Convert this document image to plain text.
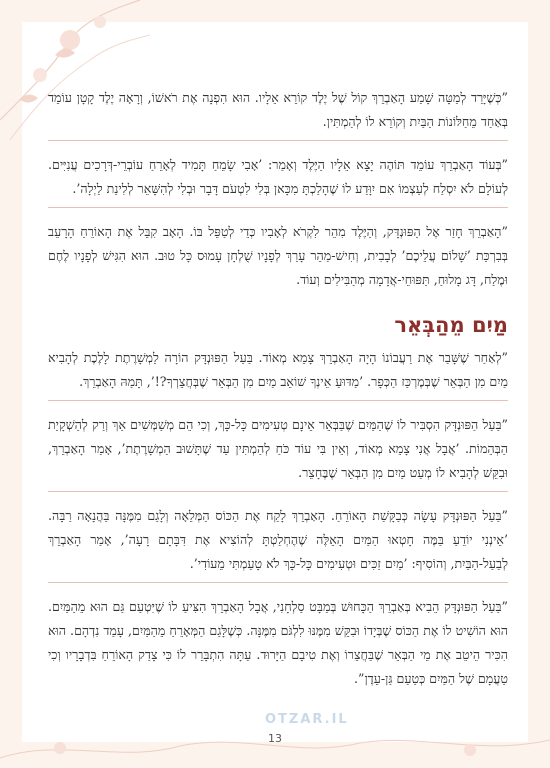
”כְּשֶׁיָּרַד לְמַטָּה שָׁמַע הָאַבְרֵךְ קוֹל שֶׁל יֶלֶד קוֹרֵא אֵלָיו. הוּא הִפְנָה אֶת רֹאשׁוֹ, וְרָאָה יֶלֶד קָטָן עוֹמֵד בְּאַחַד מֵחַלּוֹנוֹת הַבַּיִת וְקוֹרֵא לוֹ לְהַמְתִּין.

”בְּעוֹד הָאַבְרֵךְ עוֹמֵד תּוֹהֶה יָצָא אֵלָיו הַיֶּלֶד וְאָמַר: ’אָבִי שָׂמֵחַ תָּמִיד לְאָרֵחַ עוֹבְרֵי-דְּרָכִים עֲנִיִּים. לְעוֹלָם לֹא יִסְלַח לְעַצְמוֹ אִם יִוָּדַע לוֹ שֶׁהָלַכְתָּ מִכָּאן בְּלִי לִטְעֹם דָּבָר וּבְלִי לְהִשָּׁאֵר לְלִינַת לַיְלָה’.

”הָאַבְרֵךְ חָזַר אֶל הַפּוּנְדָּק, וְהַיֶּלֶד מִהֵר לִקְרֹא לְאָבִיו כְּדֵי לְטַפֵּל בּוֹ. הָאָב קִבֵּל אֶת הָאוֹרֵחַ הָרָעֵב בְּבִרְכַּת ’שָׁלוֹם עֲלֵיכֶם’ לְבָבִית, וְחִישׁ-מַהֵר עָרַךְ לְפָנָיו שֻׁלְחָן עָמוּס כָּל טוּב. הוּא הִגִּישׁ לְפָנָיו לֶחֶם וּמֶלַח, דָּג מָלוּחַ, תַּפּוּחֵי-אֲדָמָה מְהַבִּילִים וְעוֹד.

מַיִם מֵהַבְּאֵר

”לְאַחַר שֶׁשָּׁבַר אֶת רַעֲבוֹנוֹ הָיָה הָאַבְרֵךְ צָמֵא מְאוֹד. בַּעַל הַפּוּנְדָּק הוֹרָה לַמְשָׁרֶתֶת לָלֶכֶת לְהָבִיא מַיִם מִן הַבְּאֵר שֶׁבְּמֶרְכַּז הַכְּפָר. ’מַדּוּעַ אֵינְךָ שׁוֹאֵב מַיִם מִן הַבְּאֵר שֶׁבְּחֲצֵרְךָ?!’, תָּמַהּ הָאַבְרֵךְ.

”בַּעַל הַפּוּנְדָּק הִסְבִּיר לוֹ שֶׁהַמַּיִם שֶׁבַּבְּאֵר אֵינָם טְעִימִים כָּל-כָּךְ, וְכִי הֵם מְשַׁמְּשִׁים אַךְ וְרַק לְהַשְׁקָיַת הַבְּהֵמוֹת. ’אֲבָל אֲנִי צָמֵא מְאוֹד, וְאֵין בִּי עוֹד כֹּחַ לְהַמְתִּין עַד שֶׁתָּשׁוּב הַמְשָׁרֶתֶת’, אָמַר הָאַבְרֵךְ, וּבִקֵּשׁ לְהָבִיא לוֹ מְעַט מַיִם מִן הַבְּאֵר שֶׁבֶּחָצֵר.

”בַּעַל הַפּוּנְדָּק עָשָׂה כְּבַקָּשַׁת הָאוֹרֵחַ. הָאַבְרֵךְ לָקַח אֶת הַכּוֹס הַמְּלֵאָה וְלָגַם מִמֶּנָּה בַּהֲנָאָה רַבָּה. ’אֵינְנִי יוֹדֵעַ בַּמֶּה חָטְאוּ הַמַּיִם הָאֵלֶּה שֶׁהֶחְלַטְתָּ לְהוֹצִיא אֶת דִּבָּתָם רָעָה’, אָמַר הָאַבְרֵךְ לְבַעַל-הַבַּיִת, וְהוֹסִיף: ’מַיִם זַכִּים וּטְעִימִים כָּל-כָּךְ לֹא טָעַמְתִּי מֵעוֹדִי’.

”בַּעַל הַפּוּנְדָּק הֵבִיא בְּאַבְרֵךְ הַכָּחוּשׁ בְּמַבָּט סַלְחָנִי, אֲבָל הָאַבְרֵךְ הִצִּיעַ לוֹ שֶׁיִּטְעַם גַּם הוּא מֵהַמַּיִם. הוּא הוֹשִׁיט לוֹ אֶת הַכּוֹס שֶׁבְּיָדוֹ וּבִקֵּשׁ מִמֶּנּוּ לִלְגֹּם מִמֶּנָּה. כְּשֶׁלָּגַם הַמְּאָרֵחַ מֵהַמַּיִם, עָמַד נִדְהָם. הוּא הִכִּיר הֵיטֵב אֶת מֵי הַבְּאֵר שֶׁבַּחֲצֵרוֹ וְאֶת טִיבָם הַיָּרוּד. עַתָּה הִתְבָּרֵר לוֹ כִּי צָדַק הָאוֹרֵחַ בִּדְבָרָיו וְכִי טַעֲמָם שֶׁל הַמַּיִם כְּטַעַם גַּן-עֵדֶן”.

OTZAR.IL
13
